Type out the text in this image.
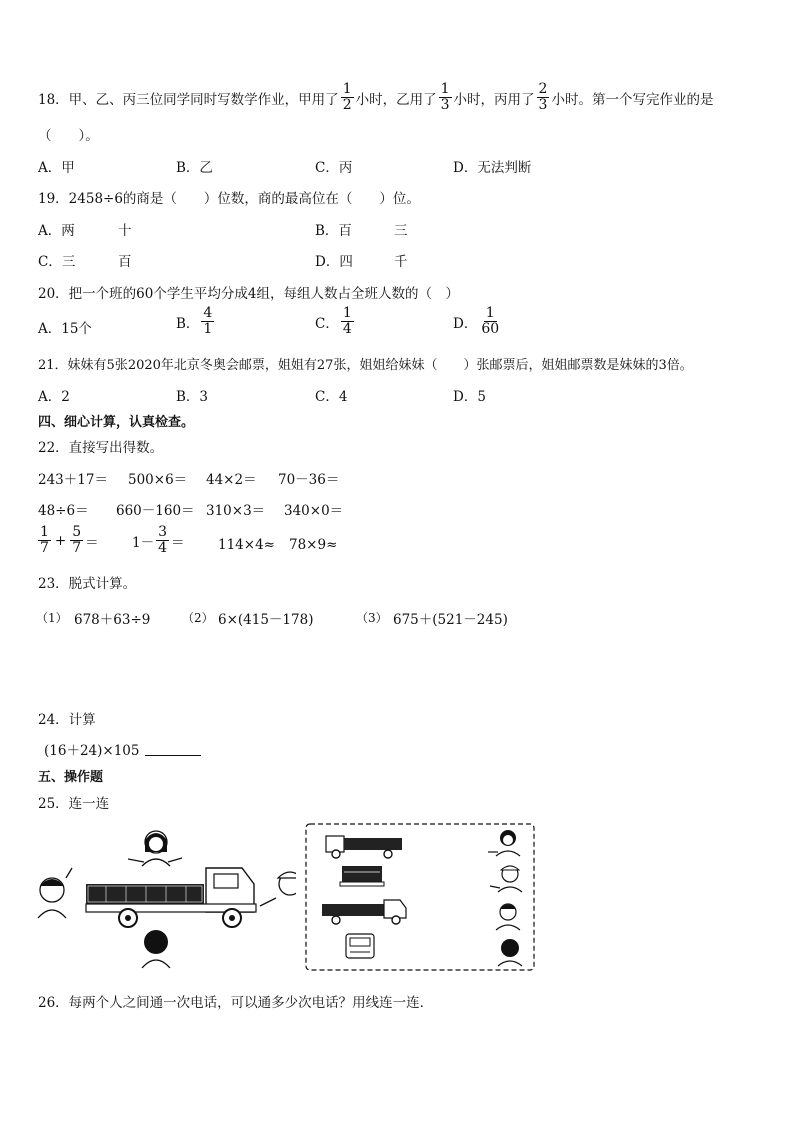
18．甲、乙、丙三位同学同时写数学作业，甲用了 $\frac{1}{2}$ 小时，乙用了 $\frac{1}{3}$ 小时，丙用了 $\frac{2}{3}$ 小时。第一个写完作业的是
（　　）。
A．甲	B．乙	C．丙	D．无法判断
19．2458÷6的商是（　　）位数，商的最高位在（　　）位。
A．两	十	B．百	三
C．三	百	D．四	千
20．把一个班的60个学生平均分成4组，每组人数占全班人数的（　）
A．15个	B． $\frac{4}{1}$	C． $\frac{1}{4}$	D． $\frac{1}{60}$
21．妹妹有5张2020年北京冬奥会邮票，姐姐有27张，姐姐给妹妹（　　）张邮票后，姐姐邮票数是妹妹的3倍。
A．2	B．3	C．4	D．5
四、细心计算，认真检查。
22．直接写出得数。
243＋17＝ 500×6＝ 44×2＝ 70－36＝
48÷6＝ 660－160＝ 310×3＝ 340×0＝
$\frac{1}{7} + \frac{5}{7} = 1- \frac{3}{4} = 114\times 4\approx 78\times 9\approx$
23．脱式计算。
（1） 678＋63÷9	（2） 6×(415－178)	（3） 675＋(521－245)
24．计算
(16＋24)×105
五、操作题
25．连一连
26．每两个人之间通一次电话，可以通多少次电话？用线连一连．
